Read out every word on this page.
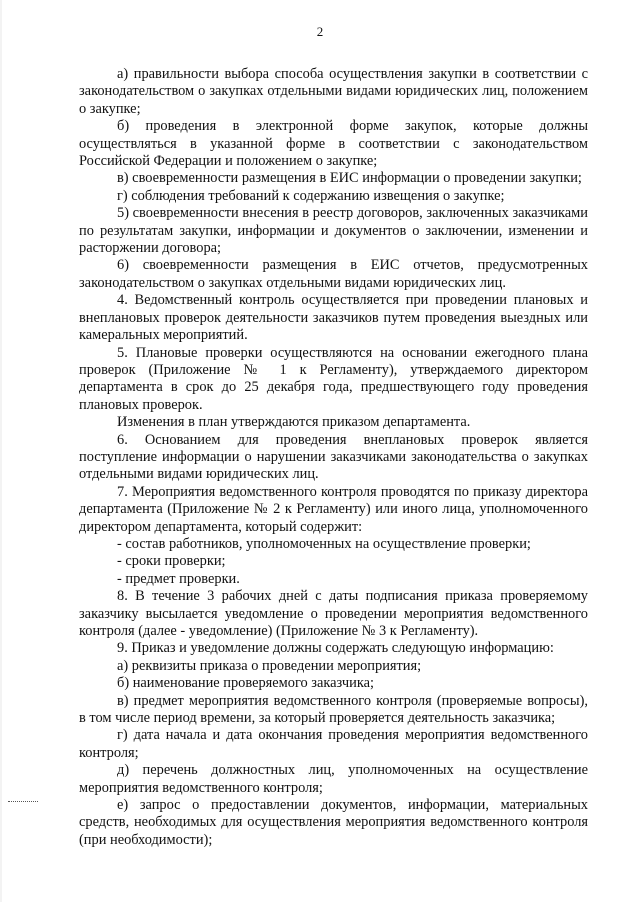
2

а) правильности выбора способа осуществления закупки в соответствии с законодательством о закупках отдельными видами юридических лиц, положением о закупке;

б) проведения в электронной форме закупок, которые должны осуществляться в указанной форме в соответствии с законодательством Российской Федерации и положением о закупке;

в) своевременности размещения в ЕИС информации о проведении закупки;

г) соблюдения требований к содержанию извещения о закупке;

5) своевременности внесения в реестр договоров, заключенных заказчиками по результатам закупки, информации и документов о заключении, изменении и расторжении договора;

6) своевременности размещения в ЕИС отчетов, предусмотренных законодательством о закупках отдельными видами юридических лиц.

4. Ведомственный контроль осуществляется при проведении плановых и внеплановых проверок деятельности заказчиков путем проведения выездных или камеральных мероприятий.

5. Плановые проверки осуществляются на основании ежегодного плана проверок (Приложение № 1 к Регламенту), утверждаемого директором департамента в срок до 25 декабря года, предшествующего году проведения плановых проверок.

Изменения в план утверждаются приказом департамента.

6. Основанием для проведения внеплановых проверок является поступление информации о нарушении заказчиками законодательства о закупках отдельными видами юридических лиц.

7. Мероприятия ведомственного контроля проводятся по приказу директора департамента (Приложение № 2 к Регламенту) или иного лица, уполномоченного директором департамента, который содержит:

- состав работников, уполномоченных на осуществление проверки;

- сроки проверки;

- предмет проверки.

8. В течение 3 рабочих дней с даты подписания приказа проверяемому заказчику высылается уведомление о проведении мероприятия ведомственного контроля (далее - уведомление) (Приложение № 3 к Регламенту).

9. Приказ и уведомление должны содержать следующую информацию:

а) реквизиты приказа о проведении мероприятия;

б) наименование проверяемого заказчика;

в) предмет мероприятия ведомственного контроля (проверяемые вопросы), в том числе период времени, за который проверяется деятельность заказчика;

г) дата начала и дата окончания проведения мероприятия ведомственного контроля;

д) перечень должностных лиц, уполномоченных на осуществление мероприятия ведомственного контроля;

е) запрос о предоставлении документов, информации, материальных средств, необходимых для осуществления мероприятия ведомственного контроля (при необходимости);
